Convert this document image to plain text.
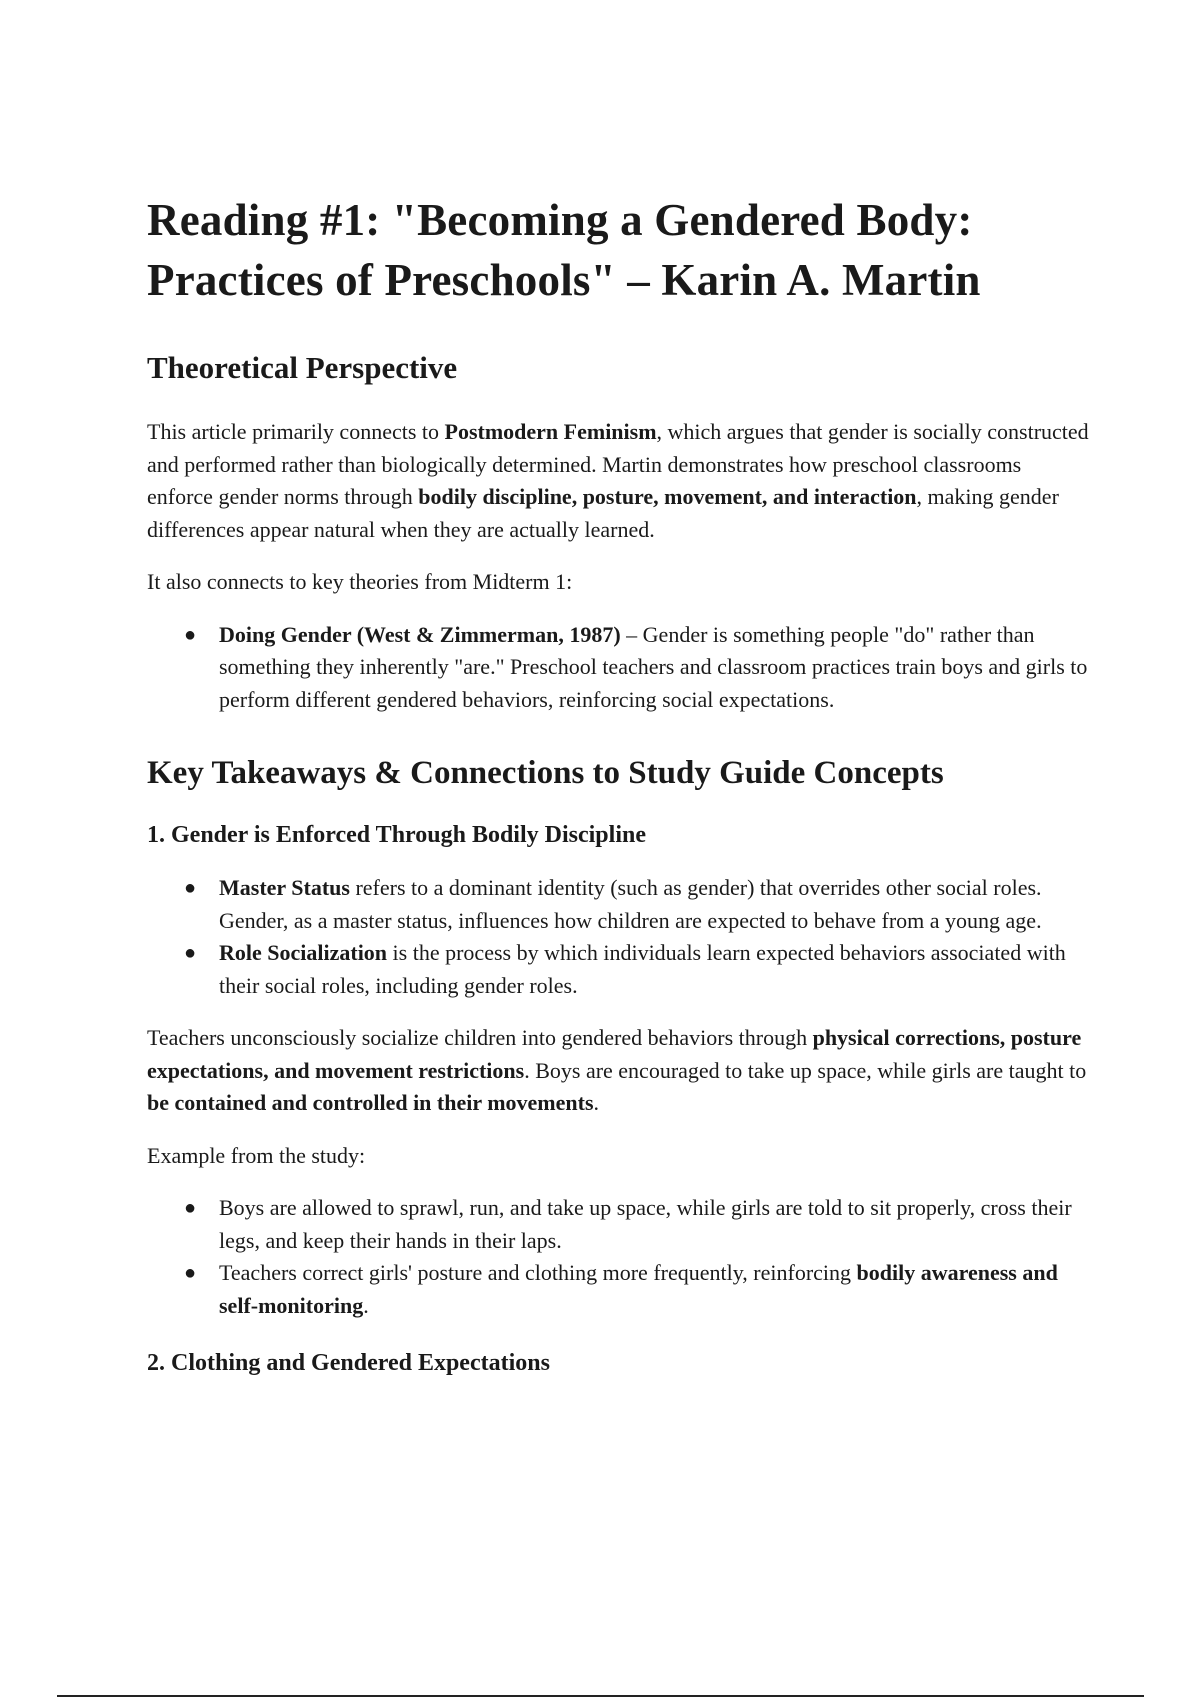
Reading #1: "Becoming a Gendered Body: Practices of Preschools" – Karin A. Martin
Theoretical Perspective

This article primarily connects to Postmodern Feminism, which argues that gender is socially constructed and performed rather than biologically determined. Martin demonstrates how preschool classrooms enforce gender norms through bodily discipline, posture, movement, and interaction, making gender differences appear natural when they are actually learned.

It also connects to key theories from Midterm 1:

● Doing Gender (West & Zimmerman, 1987) – Gender is something people "do" rather than something they inherently "are." Preschool teachers and classroom practices train boys and girls to perform different gendered behaviors, reinforcing social expectations.
Key Takeaways & Connections to Study Guide Concepts
1. Gender is Enforced Through Bodily Discipline
● Master Status refers to a dominant identity (such as gender) that overrides other social roles. Gender, as a master status, influences how children are expected to behave from a young age.
● Role Socialization is the process by which individuals learn expected behaviors associated with their social roles, including gender roles.

Teachers unconsciously socialize children into gendered behaviors through physical corrections, posture expectations, and movement restrictions. Boys are encouraged to take up space, while girls are taught to be contained and controlled in their movements.

Example from the study:

● Boys are allowed to sprawl, run, and take up space, while girls are told to sit properly, cross their legs, and keep their hands in their laps.
● Teachers correct girls' posture and clothing more frequently, reinforcing bodily awareness and self-monitoring.
2. Clothing and Gendered Expectations
